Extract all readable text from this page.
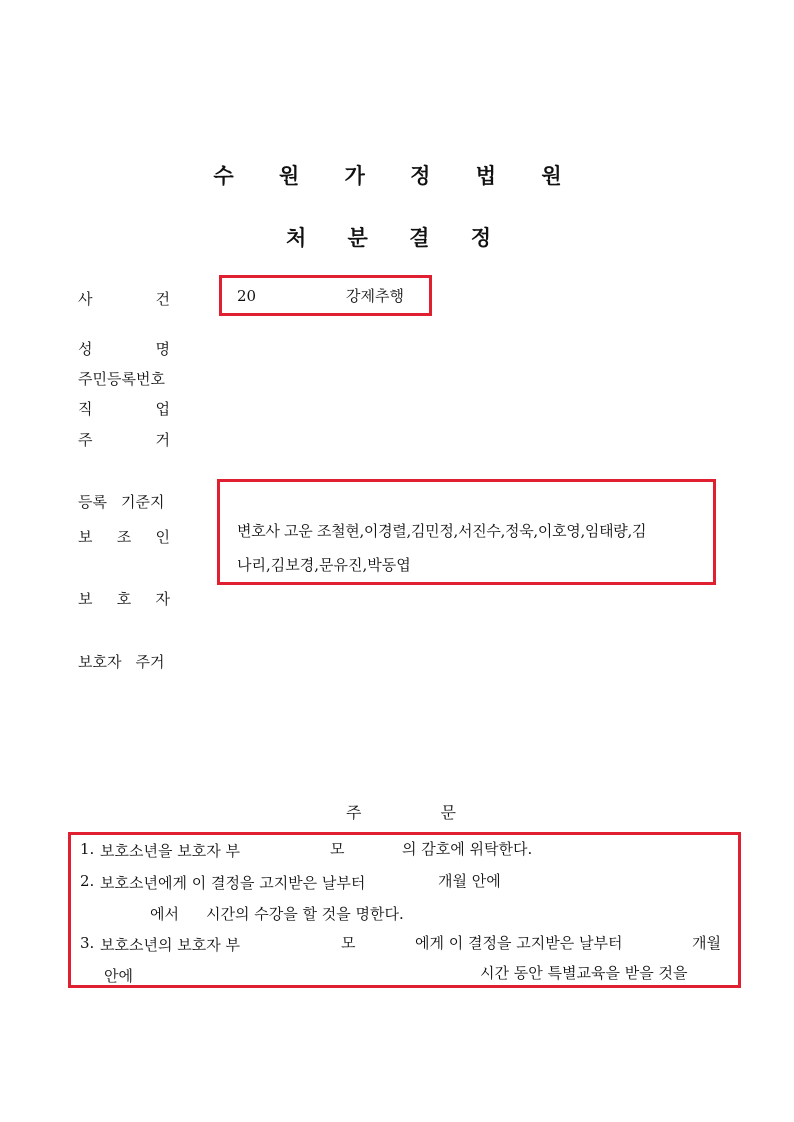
수 원 가 정 법 원
처 분 결 정
사	건	20	강제추행
성	명
주민등록번호
직	업
주	거
등록 기준지
보 조 인	변호사 고운 조철현,이경렬,김민정,서진수,정욱,이호영,임태량,김
나리,김보경,문유진,박동엽
보 호 자
보호자 주거
주	문
1. 보호소년을 보호자 부	모	의 감호에 위탁한다.
2. 보호소년에게 이 결정을 고지받은 날부터	개월 안에
에서 시간의 수강을 할 것을 명한다.
3. 보호소년의 보호자 부	모	에게 이 결정을 고지받은 날부터	개월
안에	시간 동안 특별교육을 받을 것을
